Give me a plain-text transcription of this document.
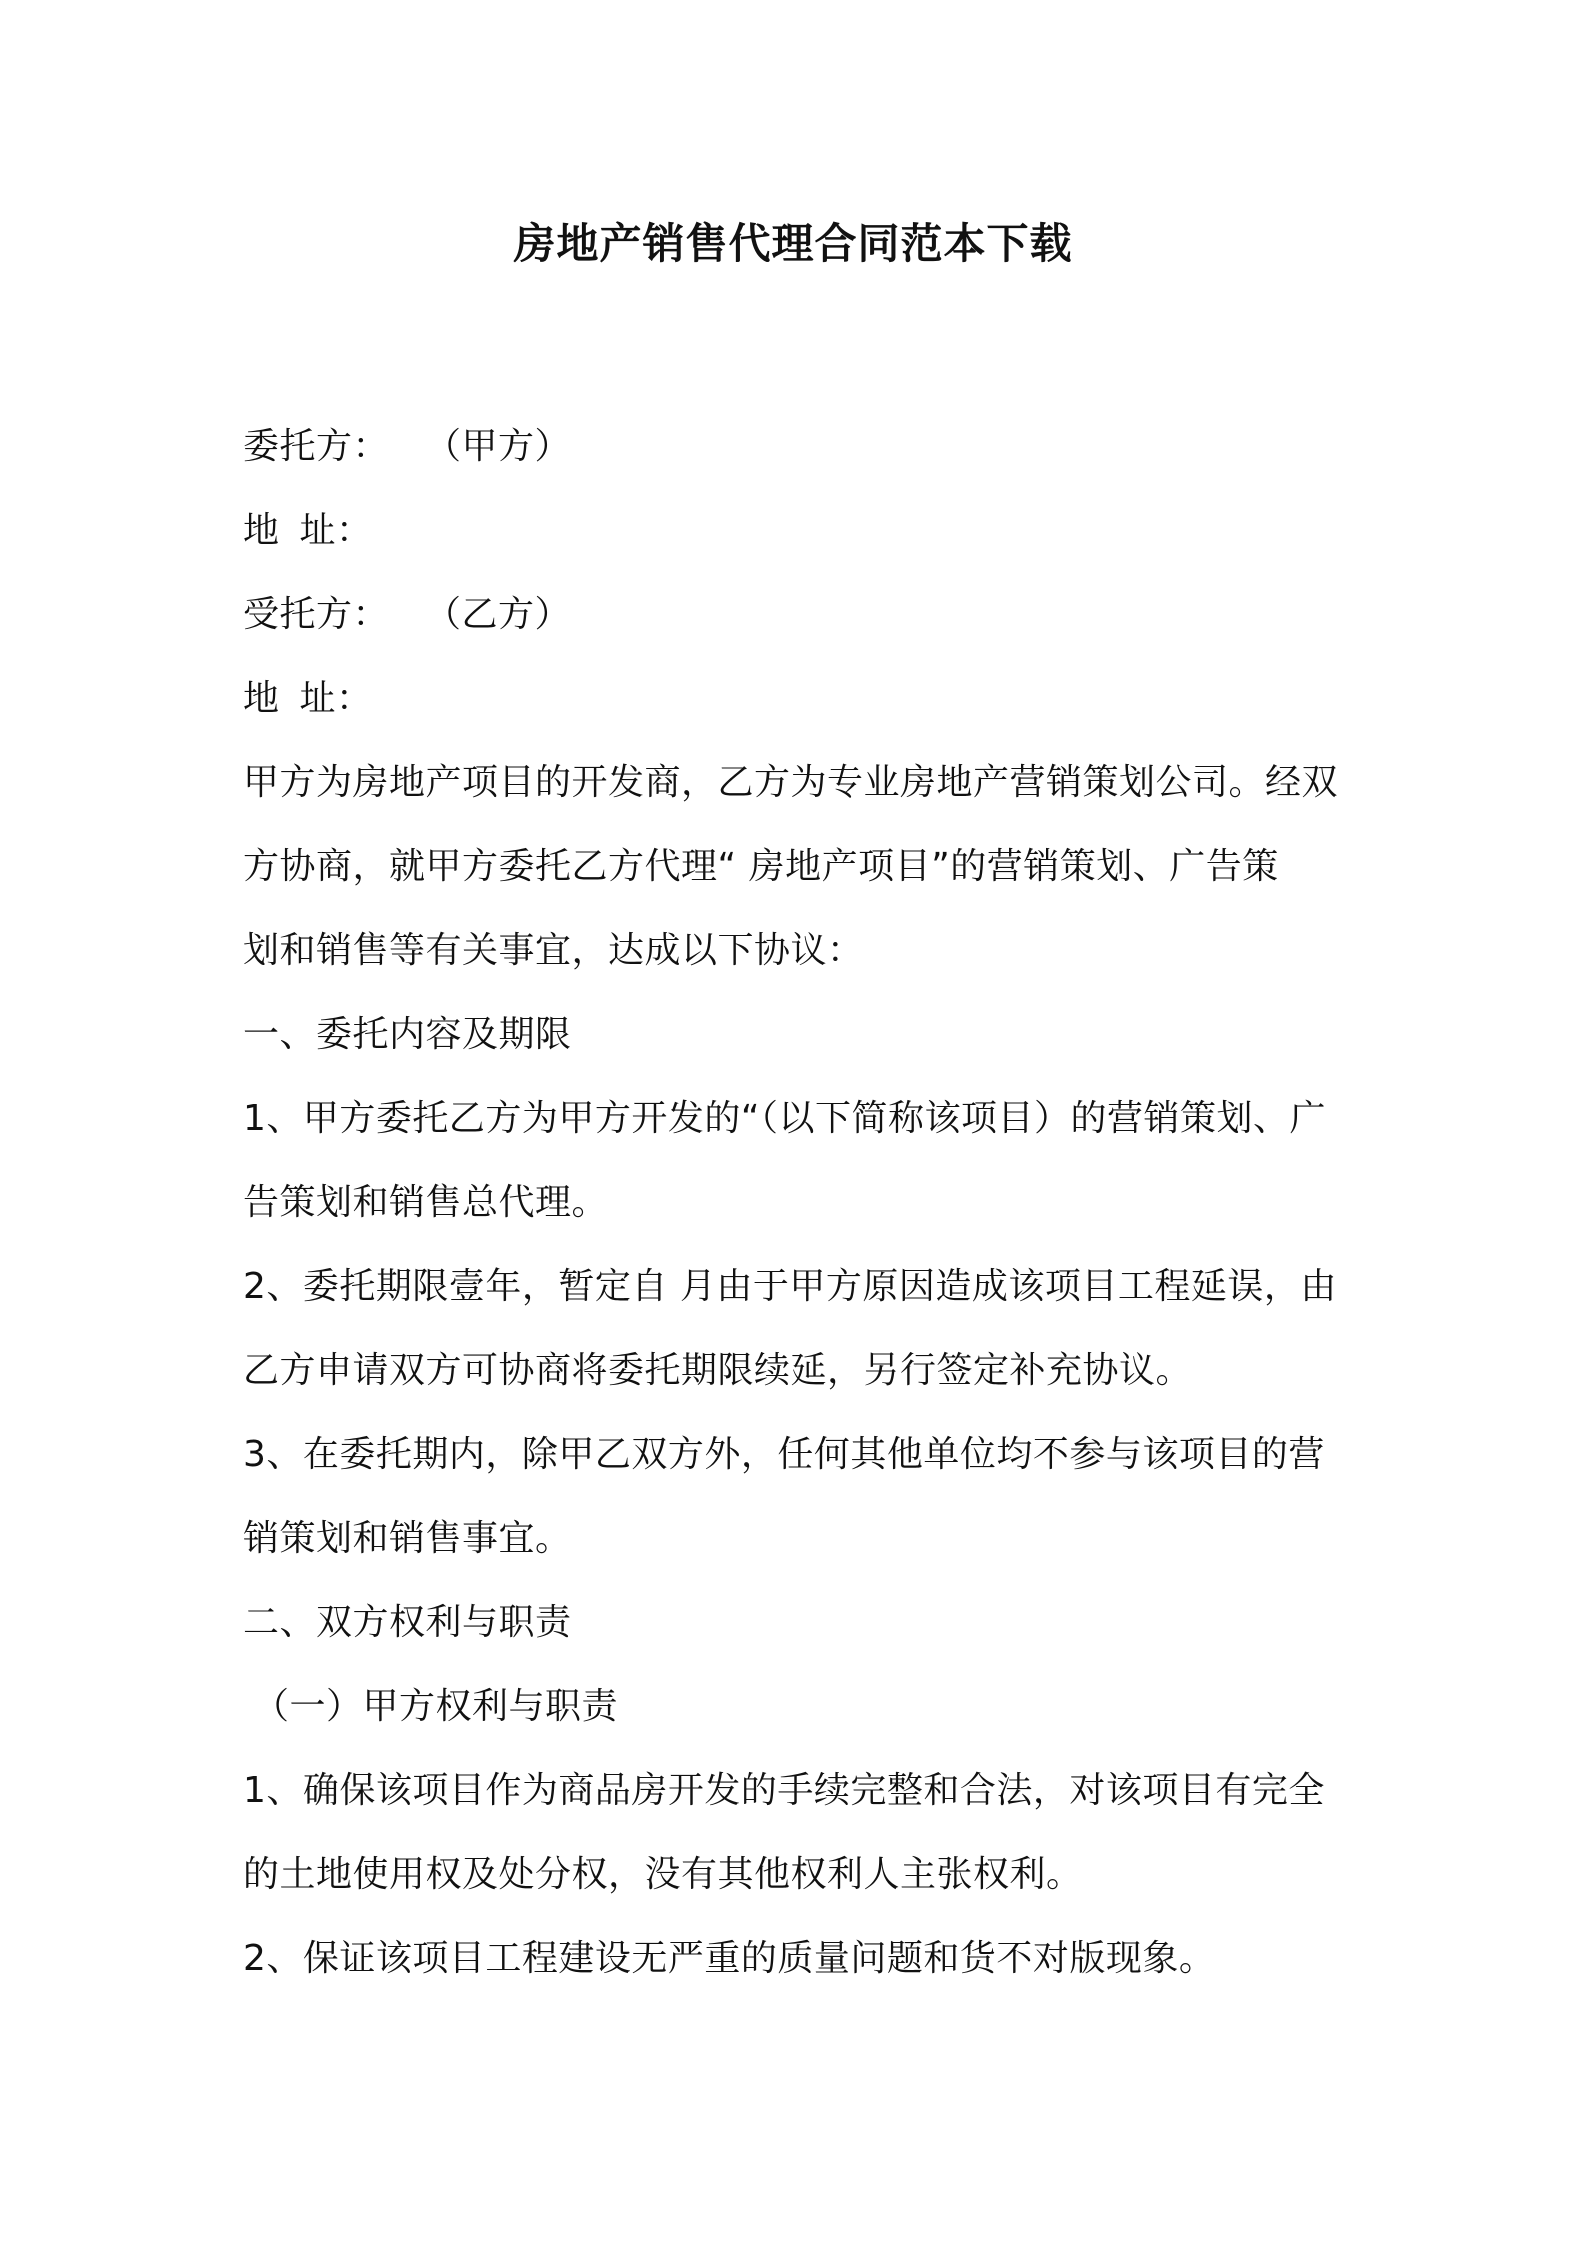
房地产销售代理合同范本下载
委托方： （甲方）
地 址：
受托方： （乙方）
地 址：
甲方为房地产项目的开发商，乙方为专业房地产营销策划公司。经双
方协商，就甲方委托乙方代理“ 房地产项目”的营销策划、广告策
划和销售等有关事宜，达成以下协议：
一、委托内容及期限
1、甲方委托乙方为甲方开发的“（以下简称该项目）的营销策划、广
告策划和销售总代理。
2、委托期限壹年，暂定自 月由于甲方原因造成该项目工程延误，由
乙方申请双方可协商将委托期限续延，另行签定补充协议。
3、在委托期内，除甲乙双方外，任何其他单位均不参与该项目的营
销策划和销售事宜。
二、双方权利与职责
（一）甲方权利与职责
1、确保该项目作为商品房开发的手续完整和合法，对该项目有完全
的土地使用权及处分权，没有其他权利人主张权利。
2、保证该项目工程建设无严重的质量问题和货不对版现象。
